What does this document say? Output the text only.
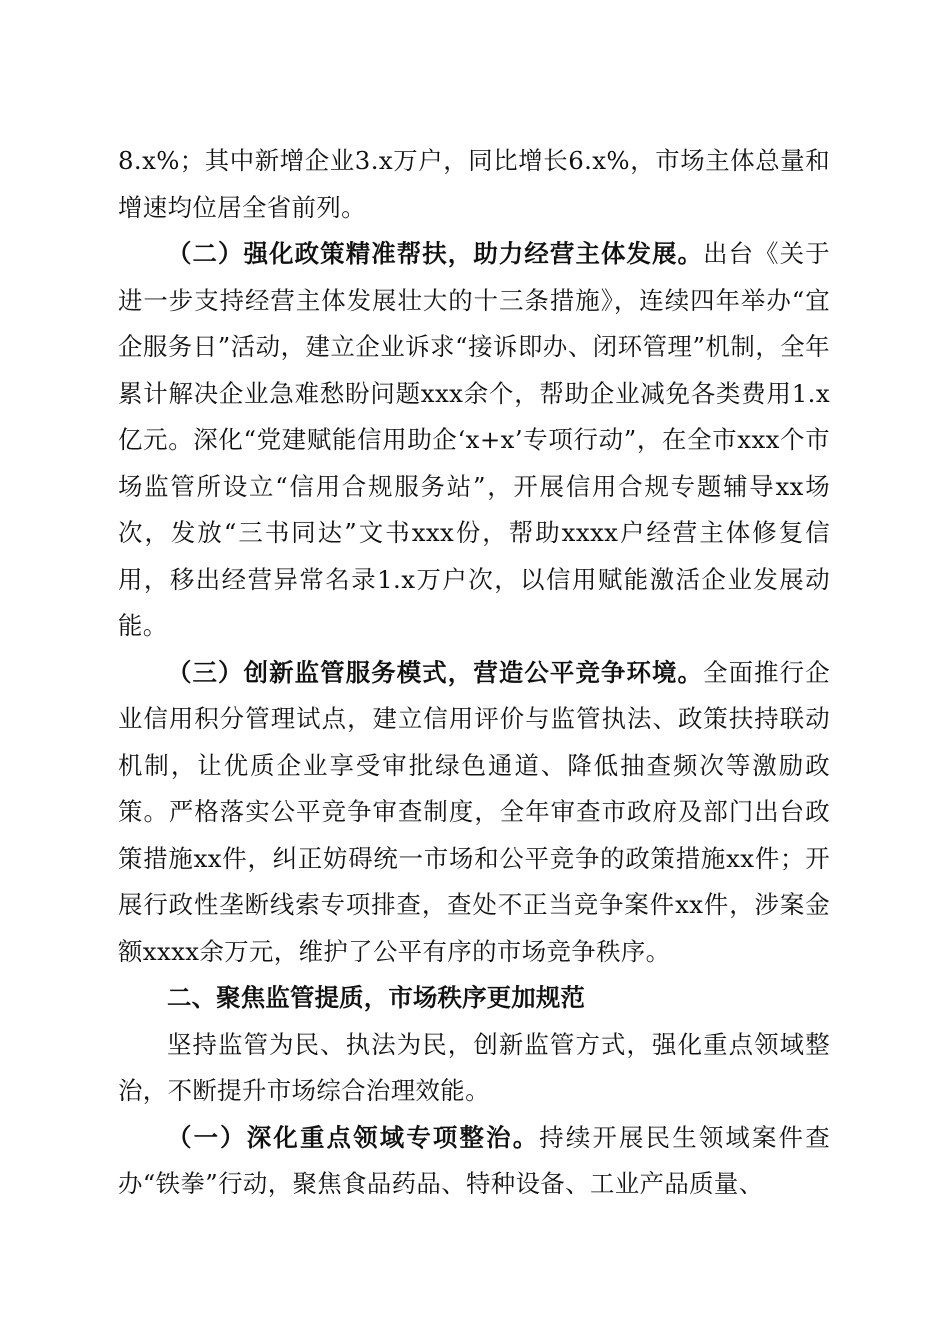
8.x%；其中新增企业3.x万户，同比增长6.x%，市场主体总量和增速均位居全省前列。

（二）强化政策精准帮扶，助力经营主体发展。出台《关于进一步支持经营主体发展壮大的十三条措施》，连续四年举办“宜企服务日”活动，建立企业诉求“接诉即办、闭环管理”机制，全年累计解决企业急难愁盼问题xxx余个，帮助企业减免各类费用1.x亿元。深化“党建赋能信用助企‘x+x’专项行动”，在全市xxx个市场监管所设立“信用合规服务站”，开展信用合规专题辅导xx场次，发放“三书同达”文书xxx份，帮助xxxx户经营主体修复信用，移出经营异常名录1.x万户次，以信用赋能激活企业发展动能。

（三）创新监管服务模式，营造公平竞争环境。全面推行企业信用积分管理试点，建立信用评价与监管执法、政策扶持联动机制，让优质企业享受审批绿色通道、降低抽查频次等激励政策。严格落实公平竞争审查制度，全年审查市政府及部门出台政策措施xx件，纠正妨碍统一市场和公平竞争的政策措施xx件；开展行政性垄断线索专项排查，查处不正当竞争案件xx件，涉案金额xxxx余万元，维护了公平有序的市场竞争秩序。

二、聚焦监管提质，市场秩序更加规范

坚持监管为民、执法为民，创新监管方式，强化重点领域整治，不断提升市场综合治理效能。

（一）深化重点领域专项整治。持续开展民生领域案件查办“铁拳”行动，聚焦食品药品、特种设备、工业产品质量、
